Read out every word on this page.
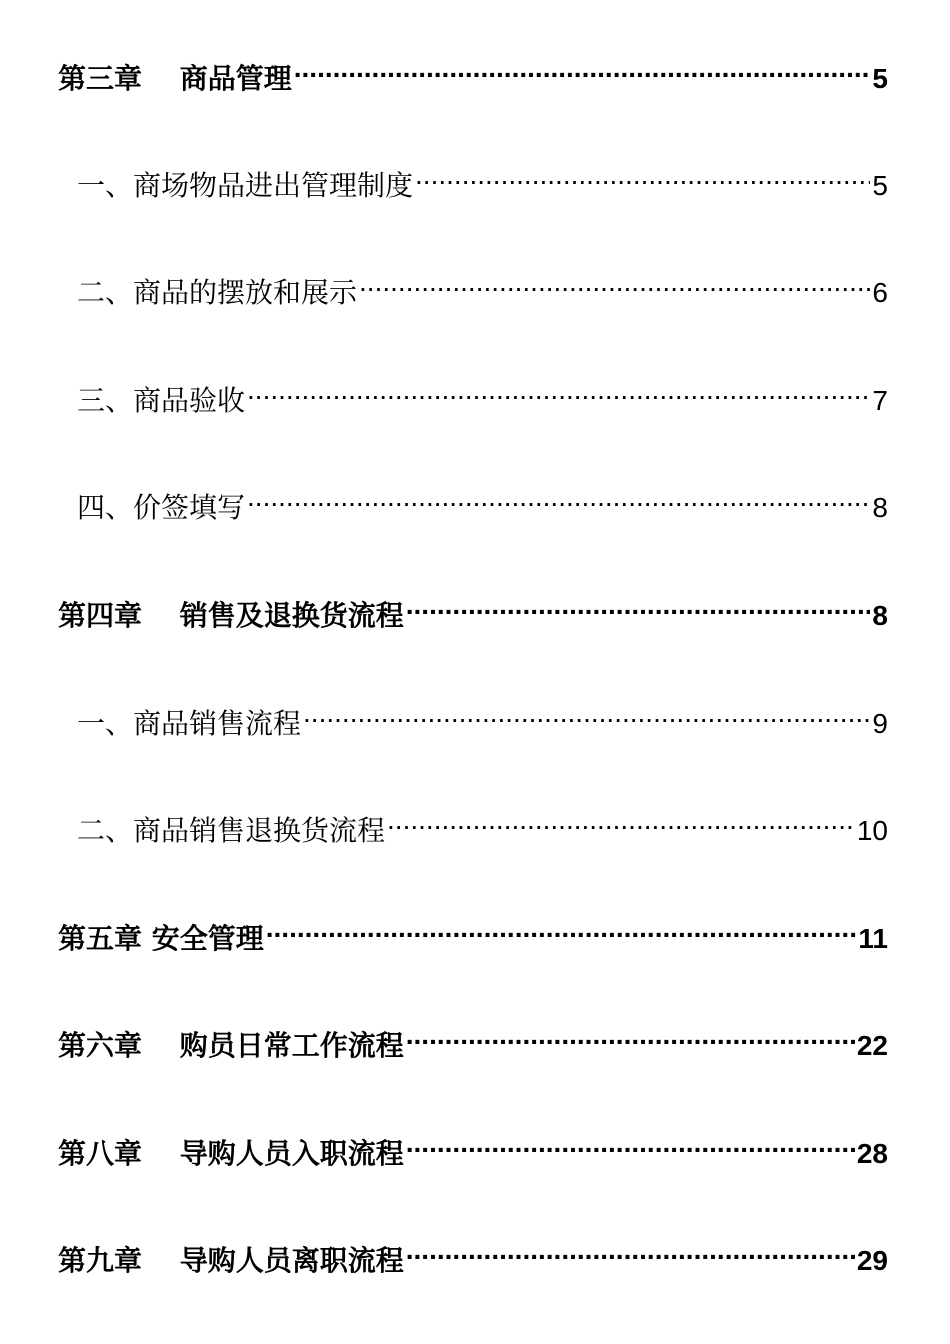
第三章　 商品管理 .....	5
一、商场物品进出管理制度 .....	5
二、商品的摆放和展示 .....	6
三、商品验收 .....	7
四、价签填写 .....	8
第四章　 销售及退换货流程 .....	8
一、商品销售流程 .....	9
二、商品销售退换货流程 .....	10
第五章 安全管理 .....	11
第六章　 购员日常工作流程 .....	22
第八章　 导购人员入职流程 .....	28
第九章　 导购人员离职流程 .....	29
